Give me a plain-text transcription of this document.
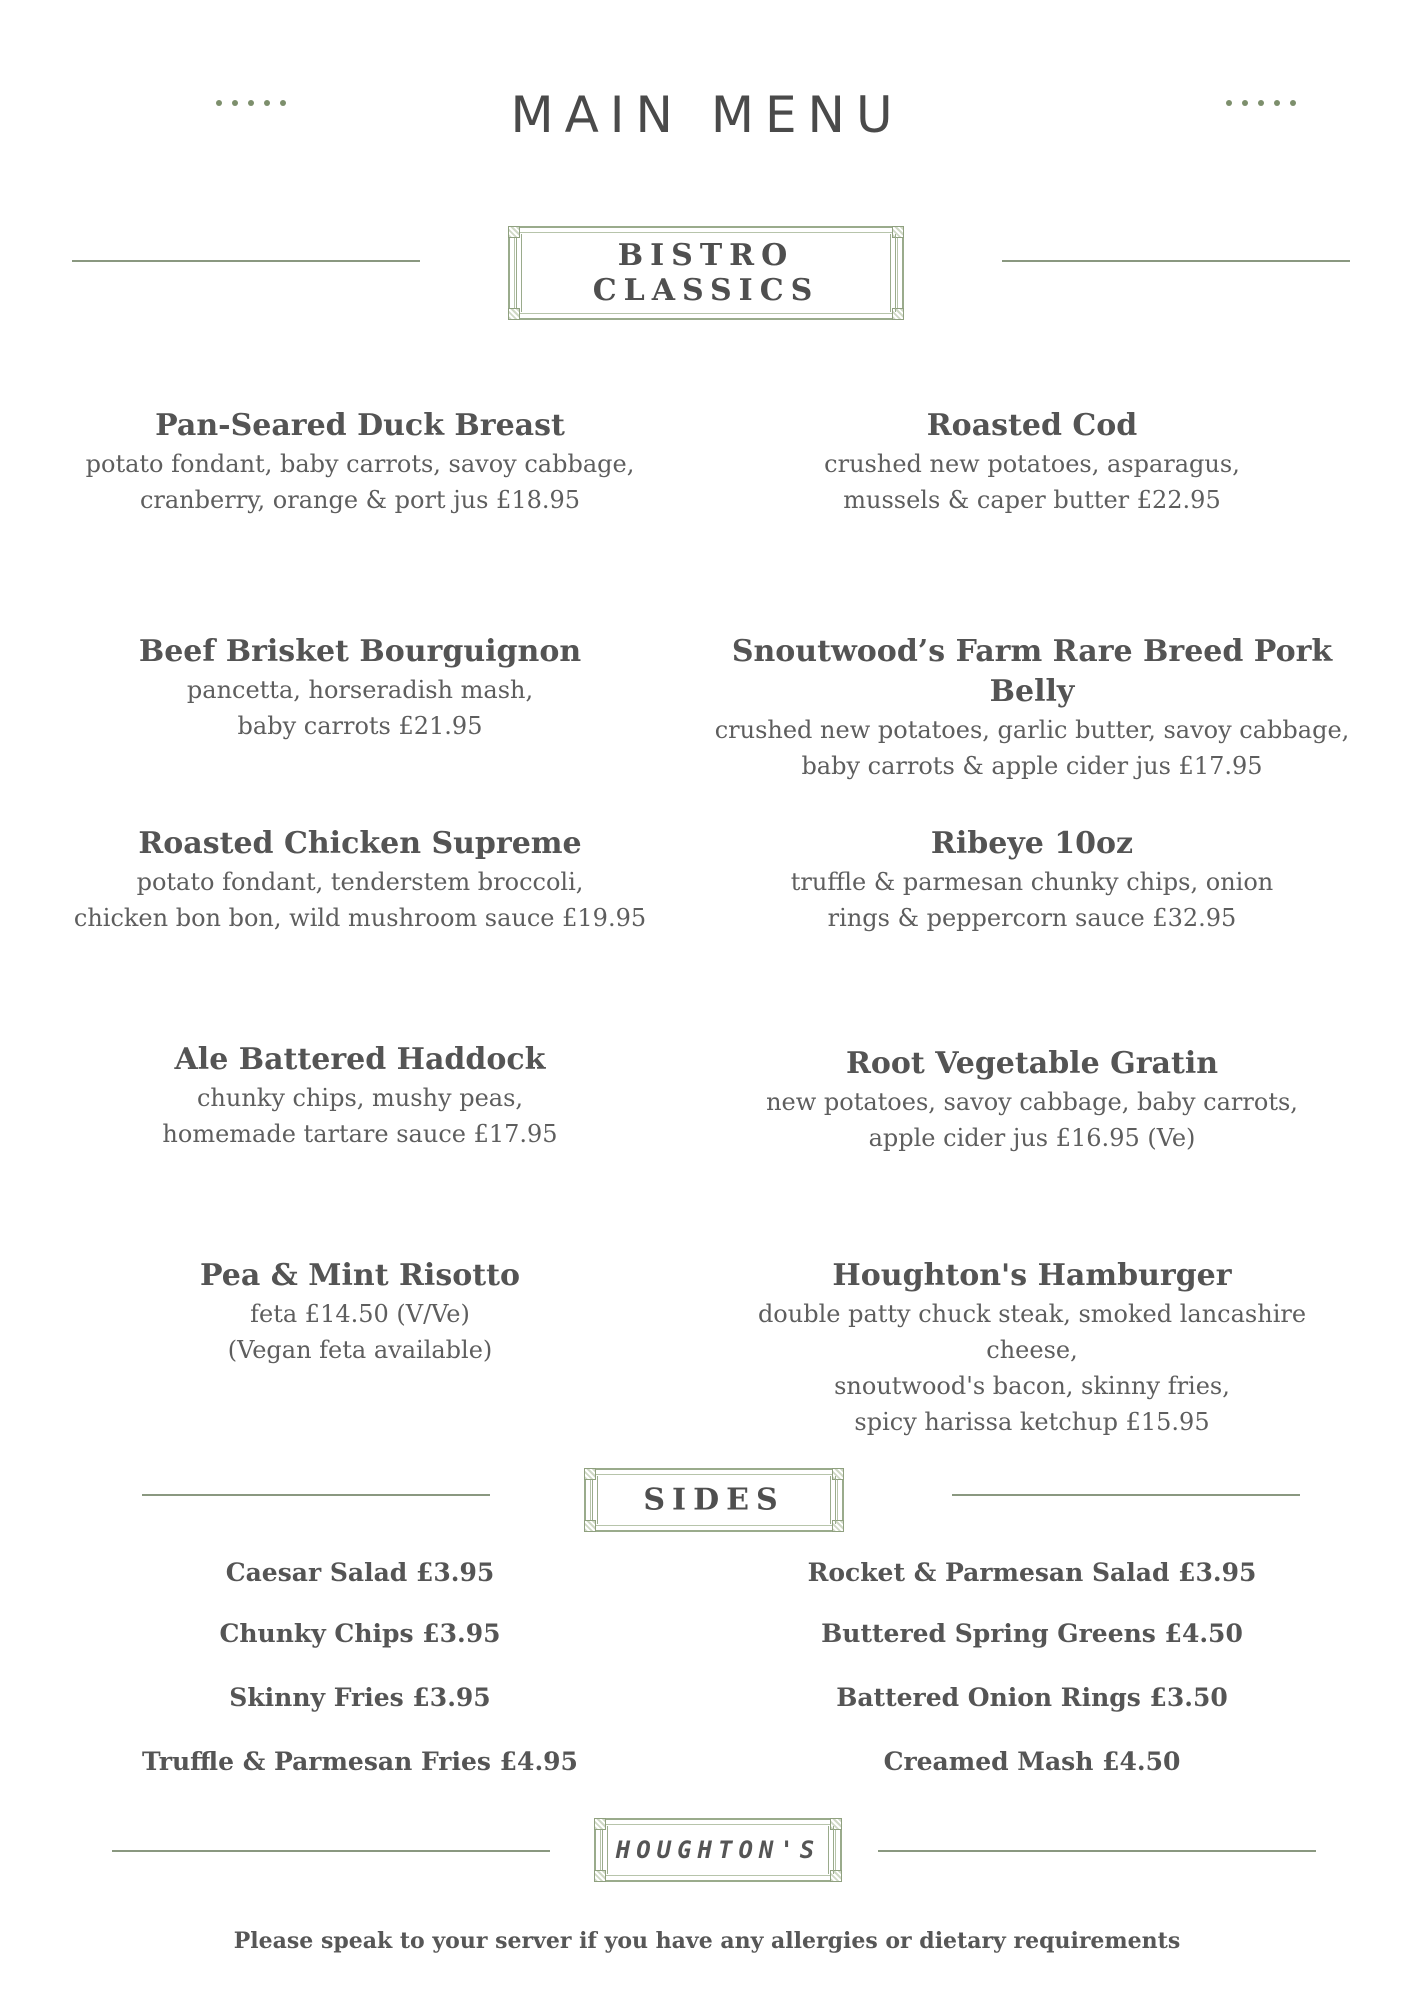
MAIN MENU
BISTRO CLASSICS
Pan-Seared Duck Breast
potato fondant, baby carrots, savoy cabbage,
cranberry, orange & port jus £18.95
Roasted Cod
crushed new potatoes, asparagus,
mussels & caper butter £22.95
Beef Brisket Bourguignon
pancetta, horseradish mash,
baby carrots £21.95
Snoutwood’s Farm Rare Breed Pork Belly
crushed new potatoes, garlic butter, savoy cabbage,
baby carrots & apple cider jus £17.95
Roasted Chicken Supreme
potato fondant, tenderstem broccoli,
chicken bon bon, wild mushroom sauce £19.95
Ribeye 10oz
truffle & parmesan chunky chips, onion
rings & peppercorn sauce £32.95
Ale Battered Haddock
chunky chips, mushy peas,
homemade tartare sauce £17.95
Root Vegetable Gratin
new potatoes, savoy cabbage, baby carrots,
apple cider jus £16.95 (Ve)
Pea & Mint Risotto
feta £14.50 (V/Ve)
(Vegan feta available)
Houghton's Hamburger
double patty chuck steak, smoked lancashire cheese,
snoutwood's bacon, skinny fries,
spicy harissa ketchup £15.95
SIDES
Caesar Salad £3.95	Rocket & Parmesan Salad £3.95
Chunky Chips £3.95	Buttered Spring Greens £4.50
Skinny Fries £3.95	Battered Onion Rings £3.50
Truffle & Parmesan Fries £4.95	Creamed Mash £4.50
HOUGHTON'S
Please speak to your server if you have any allergies or dietary requirements
